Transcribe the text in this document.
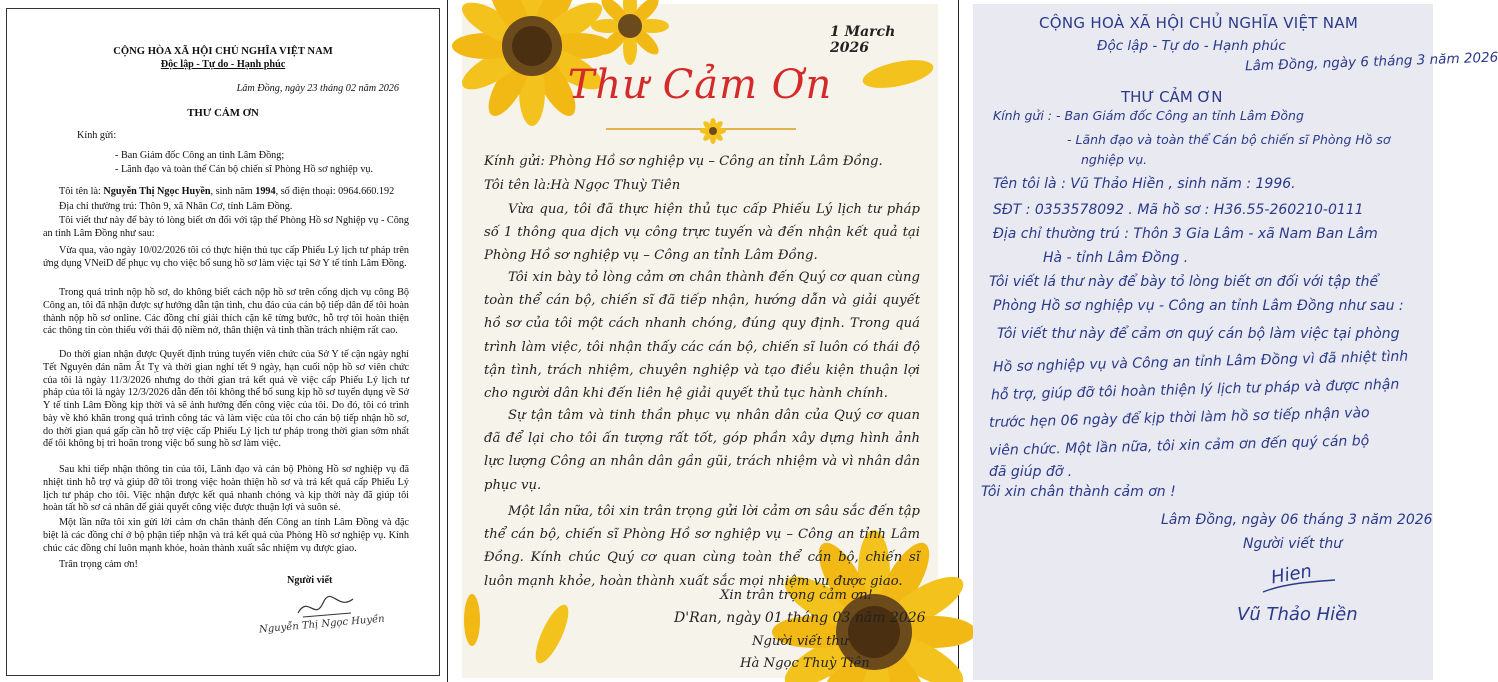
CỘNG HÒA XÃ HỘI CHỦ NGHĨA VIỆT NAM
Độc lập - Tự do - Hạnh phúc
Lâm Đồng, ngày 23 tháng 02 năm 2026
THƯ CẢM ƠN
Kính gửi:
- Ban Giám đốc Công an tỉnh Lâm Đồng;
- Lãnh đạo và toàn thể Cán bộ chiến sĩ Phòng Hồ sơ nghiệp vụ.
Tôi tên là: Nguyễn Thị Ngọc Huyền, sinh năm 1994, số điện thoại: 0964.660.192
Địa chỉ thường trú: Thôn 9, xã Nhân Cơ, tỉnh Lâm Đồng.
Tôi viết thư này để bày tỏ lòng biết ơn đối với tập thể Phòng Hồ sơ Nghiệp vụ - Công an tỉnh Lâm Đồng như sau:
Vừa qua, vào ngày 10/02/2026 tôi có thực hiện thủ tục cấp Phiếu Lý lịch tư pháp trên ứng dụng VNeiD để phục vụ cho việc bổ sung hồ sơ làm việc tại Sở Y tế tỉnh Lâm Đồng.
Trong quá trình nộp hồ sơ, do không biết cách nộp hồ sơ trên cổng dịch vụ công Bộ Công an, tôi đã nhận được sự hướng dẫn tận tình, chu đáo của cán bộ tiếp dân để tôi hoàn thành nộp hồ sơ online. Các đồng chí giải thích cặn kẽ từng bước, hỗ trợ tôi hoàn thiện các thông tin còn thiếu với thái độ niềm nở, thân thiện và tinh thần trách nhiệm rất cao.
Do thời gian nhận được Quyết định trúng tuyển viên chức của Sở Y tế cận ngày nghỉ Tết Nguyên đán năm Ất Tỵ và thời gian nghỉ tết 9 ngày, hạn cuối nộp hồ sơ viên chức của tôi là ngày 11/3/2026 nhưng do thời gian trả kết quả về việc cấp Phiếu Lý lịch tư pháp của tôi là ngày 12/3/2026 dẫn đến tôi không thể bổ sung kịp hồ sơ tuyển dụng về Sở Y tế tỉnh Lâm Đồng kịp thời và sẽ ảnh hưởng đến công việc của tôi. Do đó, tôi có trình bày về khó khăn trong quá trình công tác và làm việc của tôi cho cán bộ tiếp nhận hồ sơ, do thời gian quá gấp cần hỗ trợ việc cấp Phiếu Lý lịch tư pháp trong thời gian sớm nhất để tôi không bị trì hoãn trong việc bổ sung hồ sơ làm việc.
Sau khi tiếp nhận thông tin của tôi, Lãnh đạo và cán bộ Phòng Hồ sơ nghiệp vụ đã nhiệt tình hỗ trợ và giúp đỡ tôi trong việc hoàn thiện hồ sơ và trả kết quả cấp Phiếu Lý lịch tư pháp cho tôi. Việc nhận được kết quả nhanh chóng và kịp thời này đã giúp tôi hoàn tất hồ sơ cá nhân để giải quyết công việc được thuận lợi và suôn sẻ.
Một lần nữa tôi xin gửi lời cảm ơn chân thành đến Công an tỉnh Lâm Đồng và đặc biệt là các đồng chí ở bộ phận tiếp nhận và trả kết quả của Phòng Hồ sơ nghiệp vụ. Kính chúc các đồng chí luôn mạnh khỏe, hoàn thành xuất sắc nhiệm vụ được giao.
Trân trọng cảm ơn!
Người viết
Nguyễn Thị Ngọc Huyền
1 March 2026
Thư Cảm Ơn
Kính gửi: Phòng Hồ sơ nghiệp vụ – Công an tỉnh Lâm Đồng.
Tôi tên là:Hà Ngọc Thuỳ Tiên
Vừa qua, tôi đã thực hiện thủ tục cấp Phiếu Lý lịch tư pháp số 1 thông qua dịch vụ công trực tuyến và đến nhận kết quả tại Phòng Hồ sơ nghiệp vụ – Công an tỉnh Lâm Đồng.
Tôi xin bày tỏ lòng cảm ơn chân thành đến Quý cơ quan cùng toàn thể cán bộ, chiến sĩ đã tiếp nhận, hướng dẫn và giải quyết hồ sơ của tôi một cách nhanh chóng, đúng quy định. Trong quá trình làm việc, tôi nhận thấy các cán bộ, chiến sĩ luôn có thái độ tận tình, trách nhiệm, chuyên nghiệp và tạo điều kiện thuận lợi cho người dân khi đến liên hệ giải quyết thủ tục hành chính.
Sự tận tâm và tinh thần phục vụ nhân dân của Quý cơ quan đã để lại cho tôi ấn tượng rất tốt, góp phần xây dựng hình ảnh lực lượng Công an nhân dân gần gũi, trách nhiệm và vì nhân dân phục vụ.
Một lần nữa, tôi xin trân trọng gửi lời cảm ơn sâu sắc đến tập thể cán bộ, chiến sĩ Phòng Hồ sơ nghiệp vụ – Công an tỉnh Lâm Đồng. Kính chúc Quý cơ quan cùng toàn thể cán bộ, chiến sĩ luôn mạnh khỏe, hoàn thành xuất sắc mọi nhiệm vụ được giao.
Xin trân trọng cảm ơn!
D'Ran, ngày 01 tháng 03 năm 2026
Người viết thư
Hà Ngọc Thuỳ Tiên
CỘNG HOÀ XÃ HỘI CHỦ NGHĨA VIỆT NAM
Độc lập - Tự do - Hạnh phúc
Lâm Đồng, ngày 6 tháng 3 năm 2026
THƯ CẢM ƠN
Kính gửi : - Ban Giám đốc Công an tỉnh Lâm Đồng
- Lãnh đạo và toàn thể Cán bộ chiến sĩ Phòng Hồ sơ
nghiệp vụ.
Tên tôi là : Vũ Thảo Hiền , sinh năm : 1996.
SĐT : 0353578092 . Mã hồ sơ : H36.55-260210-0111
Địa chỉ thường trú : Thôn 3 Gia Lâm - xã Nam Ban Lâm
Hà - tỉnh Lâm Đồng .
Tôi viết lá thư này để bày tỏ lòng biết ơn đối với tập thể
Phòng Hồ sơ nghiệp vụ - Công an tỉnh Lâm Đồng như sau :
Tôi viết thư này để cảm ơn quý cán bộ làm việc tại phòng
Hồ sơ nghiệp vụ và Công an tỉnh Lâm Đồng vì đã nhiệt tình
hỗ trợ, giúp đỡ tôi hoàn thiện lý lịch tư pháp và được nhận
trước hẹn 06 ngày để kịp thời làm hồ sơ tiếp nhận vào
viên chức. Một lần nữa, tôi xin cảm ơn đến quý cán bộ
đã giúp đỡ .
Tôi xin chân thành cảm ơn !
Lâm Đồng, ngày 06 tháng 3 năm 2026
Người viết thư
Hien
Vũ Thảo Hiền
